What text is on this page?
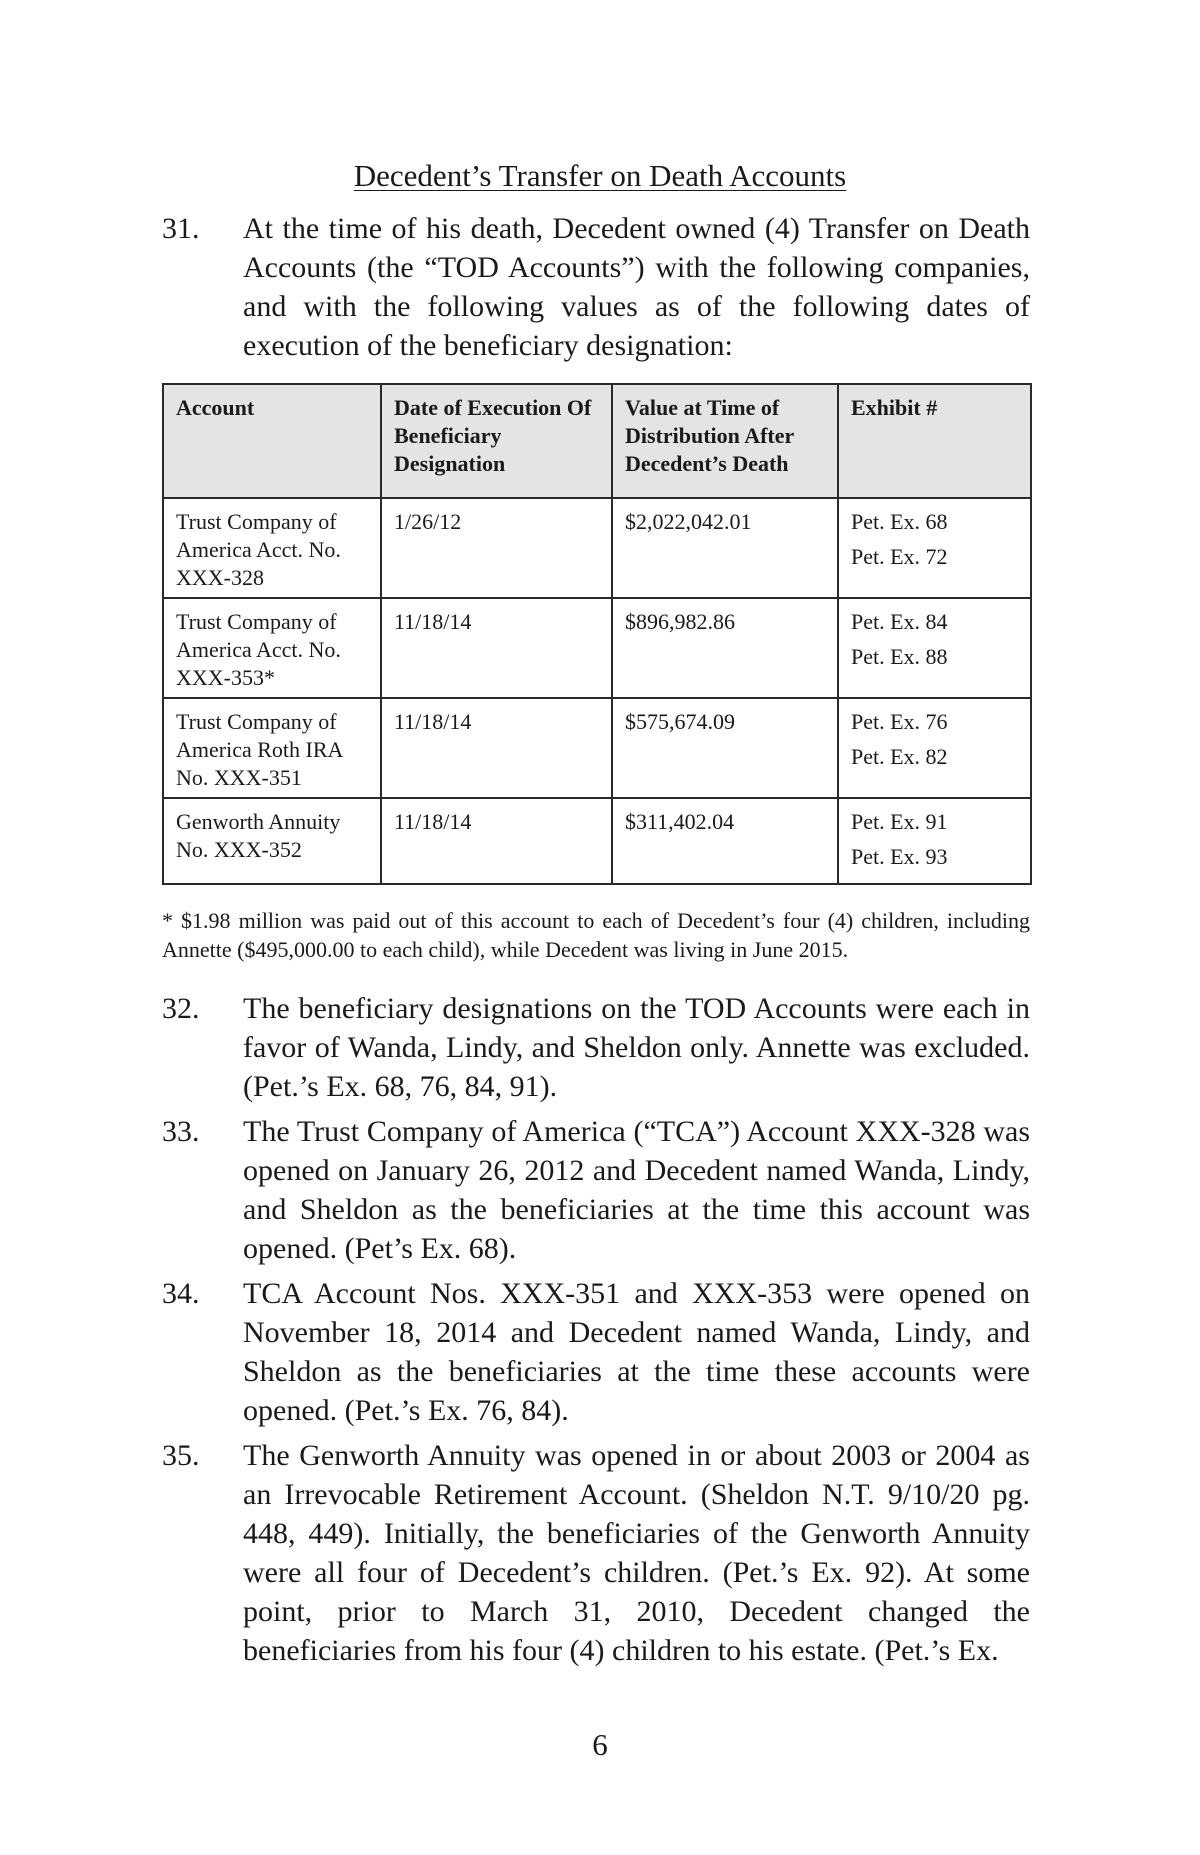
Decedent’s Transfer on Death Accounts
31.	At the time of his death, Decedent owned (4) Transfer on Death Accounts (the “TOD Accounts”) with the following companies, and with the following values as of the following dates of execution of the beneficiary designation:
Account	Date of Execution Of Beneficiary Designation	Value at Time of Distribution After Decedent’s Death	Exhibit #

Trust Company of
America Acct. No.
XXX-328	1/26/12	$2,022,042.01	Pet. Ex. 68
Pet. Ex. 72

Trust Company of
America Acct. No.
XXX-353*	11/18/14	$896,982.86	Pet. Ex. 84
Pet. Ex. 88

Trust Company of
America Roth IRA
No. XXX-351	11/18/14	$575,674.09	Pet. Ex. 76
Pet. Ex. 82

Genworth Annuity
No. XXX-352	11/18/14	$311,402.04	Pet. Ex. 91
Pet. Ex. 93
* $1.98 million was paid out of this account to each of Decedent’s four (4) children, including Annette ($495,000.00 to each child), while Decedent was living in June 2015.
32.	The beneficiary designations on the TOD Accounts were each in favor of Wanda, Lindy, and Sheldon only. Annette was excluded. (Pet.’s Ex. 68, 76, 84, 91).
33.	The Trust Company of America (“TCA”) Account XXX-328 was opened on January 26, 2012 and Decedent named Wanda, Lindy, and Sheldon as the beneficiaries at the time this account was opened. (Pet’s Ex. 68).
34.	TCA Account Nos. XXX-351 and XXX-353 were opened on November 18, 2014 and Decedent named Wanda, Lindy, and Sheldon as the beneficiaries at the time these accounts were opened. (Pet.’s Ex. 76, 84).
35.	The Genworth Annuity was opened in or about 2003 or 2004 as an Irrevocable Retirement Account. (Sheldon N.T. 9/10/20 pg. 448, 449). Initially, the beneficiaries of the Genworth Annuity were all four of Decedent’s children. (Pet.’s Ex. 92). At some point, prior to March 31, 2010, Decedent changed the beneficiaries from his four (4) children to his estate. (Pet.’s Ex.
6
